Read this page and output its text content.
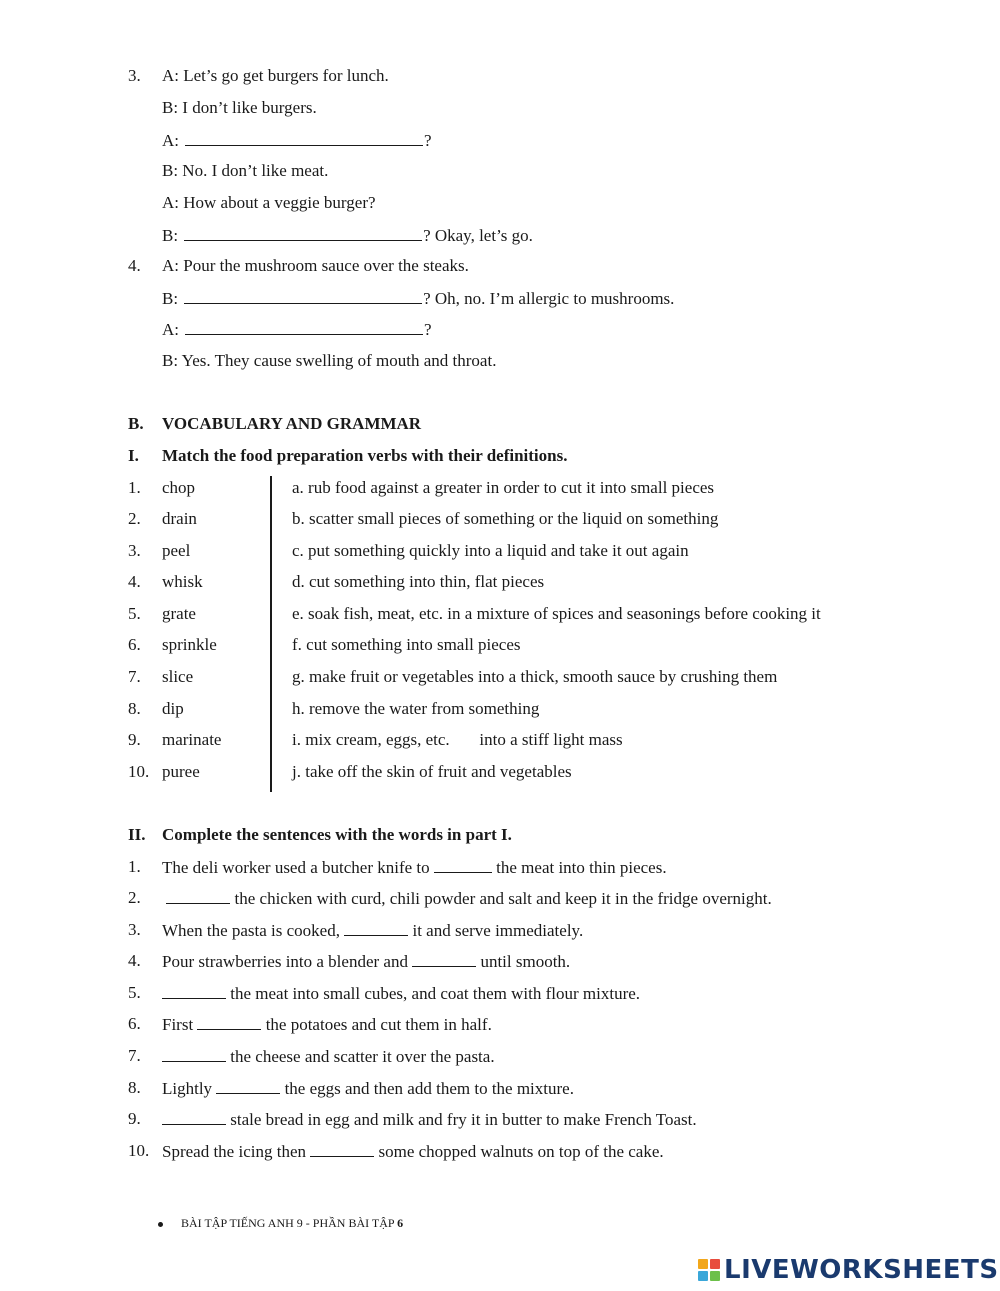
3. A: Let’s go get burgers for lunch.
B: I don’t like burgers.
A:	?
B: No. I don’t like meat.
A: How about a veggie burger?
B:	? Okay, let’s go.
4. A: Pour the mushroom sauce over the steaks.
B:	? Oh, no. I’m allergic to mushrooms.
A:	?
B: Yes. They cause swelling of mouth and throat.
B. VOCABULARY AND GRAMMAR
I. Match the food preparation verbs with their definitions.
1. chop	a. rub food against a greater in order to cut it into small pieces
2. drain	b. scatter small pieces of something or the liquid on something
3. peel	c. put something quickly into a liquid and take it out again
4. whisk	d. cut something into thin, flat pieces
5. grate	e. soak fish, meat, etc. in a mixture of spices and seasonings before cooking it
6. sprinkle	f. cut something into small pieces
7. slice	g. make fruit or vegetables into a thick, smooth sauce by crushing them
8. dip	h. remove the water from something
9. marinate	i. mix cream, eggs, etc.       into a stiff light mass
10. puree	j. take off the skin of fruit and vegetables
II. Complete the sentences with the words in part I.
1. The deli worker used a butcher knife to	the meat into thin pieces.
2.	the chicken with curd, chili powder and salt and keep it in the fridge overnight.
3. When the pasta is cooked,	it and serve immediately.
4. Pour strawberries into a blender and	until smooth.
5.	the meat into small cubes, and coat them with flour mixture.
6. First	the potatoes and cut them in half.
7.	the cheese and scatter it over the pasta.
8. Lightly	the eggs and then add them to the mixture.
9.	stale bread in egg and milk and fry it in butter to make French Toast.
10. Spread the icing then	some chopped walnuts on top of the cake.
BÀI TẬP TIẾNG ANH 9 - PHẦN BÀI TẬP 6
LIVEWORKSHEETS
